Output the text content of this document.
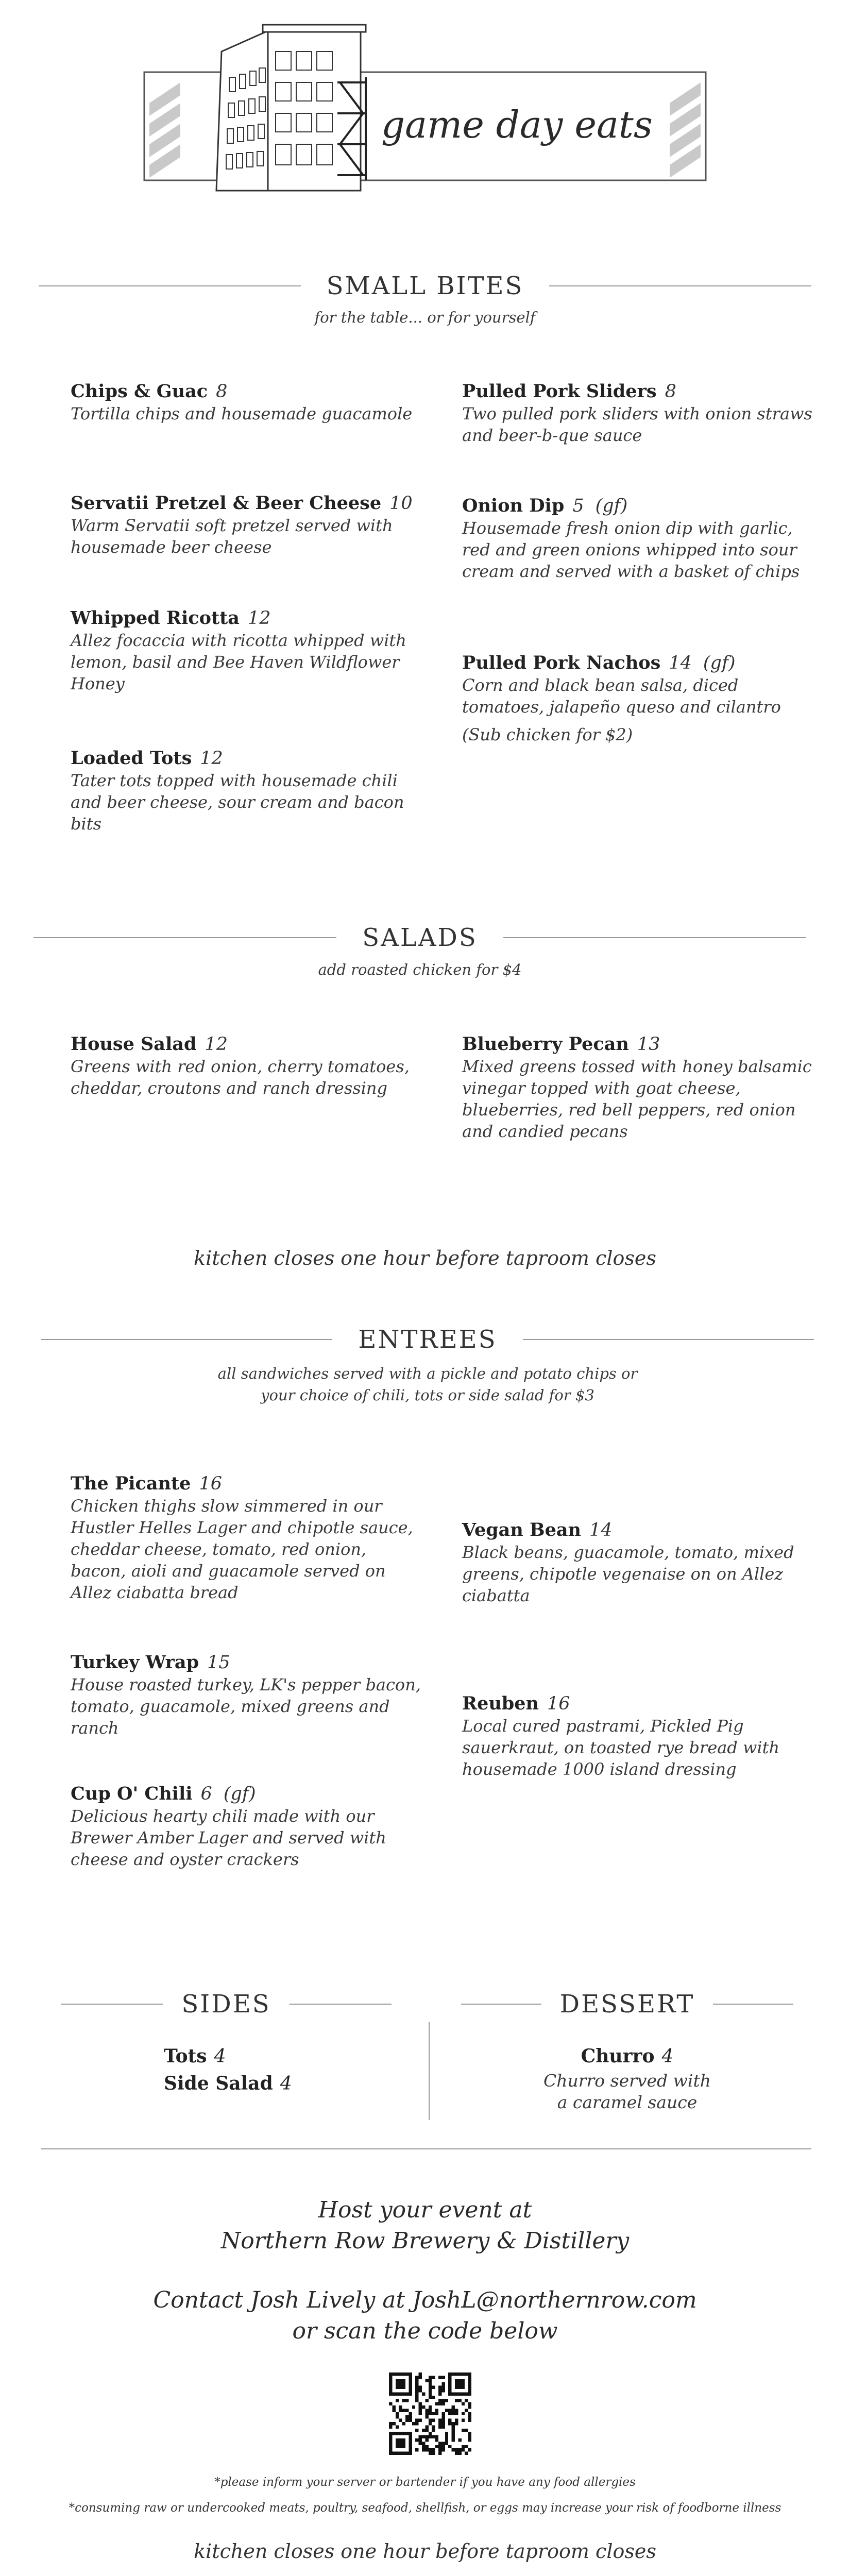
game day eats
SMALL BITES
for the table... or for yourself
Chips & Guac 8
Tortilla chips and housemade guacamole
Servatii Pretzel & Beer Cheese 10
Warm Servatii soft pretzel served with housemade beer cheese
Whipped Ricotta 12
Allez focaccia with ricotta whipped with lemon, basil and Bee Haven Wildflower Honey
Loaded Tots 12
Tater tots topped with housemade chili and beer cheese, sour cream and bacon bits
Pulled Pork Sliders 8
Two pulled pork sliders with onion straws and beer-b-que sauce
Onion Dip 5 (gf)
Housemade fresh onion dip with garlic, red and green onions whipped into sour cream and served with a basket of chips
Pulled Pork Nachos 14 (gf)
Corn and black bean salsa, diced tomatoes, jalapeño queso and cilantro
(Sub chicken for $2)
SALADS
add roasted chicken for $4
House Salad 12
Greens with red onion, cherry tomatoes, cheddar, croutons and ranch dressing
Blueberry Pecan 13
Mixed greens tossed with honey balsamic vinegar topped with goat cheese, blueberries, red bell peppers, red onion and candied pecans
kitchen closes one hour before taproom closes
ENTREES
all sandwiches served with a pickle and potato chips or
your choice of chili, tots or side salad for $3
The Picante 16
Chicken thighs slow simmered in our Hustler Helles Lager and chipotle sauce, cheddar cheese, tomato, red onion, bacon, aioli and guacamole served on Allez ciabatta bread
Turkey Wrap 15
House roasted turkey, LK's pepper bacon, tomato, guacamole, mixed greens and ranch
Cup O' Chili 6 (gf)
Delicious hearty chili made with our Brewer Amber Lager and served with cheese and oyster crackers
Vegan Bean 14
Black beans, guacamole, tomato, mixed greens, chipotle vegenaise on on Allez ciabatta
Reuben 16
Local cured pastrami, Pickled Pig sauerkraut, on toasted rye bread with housemade 1000 island dressing
SIDES	DESSERT
Tots 4
Side Salad 4
Churro 4
Churro served with
a caramel sauce
Host your event at
Northern Row Brewery & Distillery
Contact Josh Lively at JoshL@northernrow.com
or scan the code below
*please inform your server or bartender if you have any food allergies
*consuming raw or undercooked meats, poultry, seafood, shellfish, or eggs may increase your risk of foodborne illness
kitchen closes one hour before taproom closes
